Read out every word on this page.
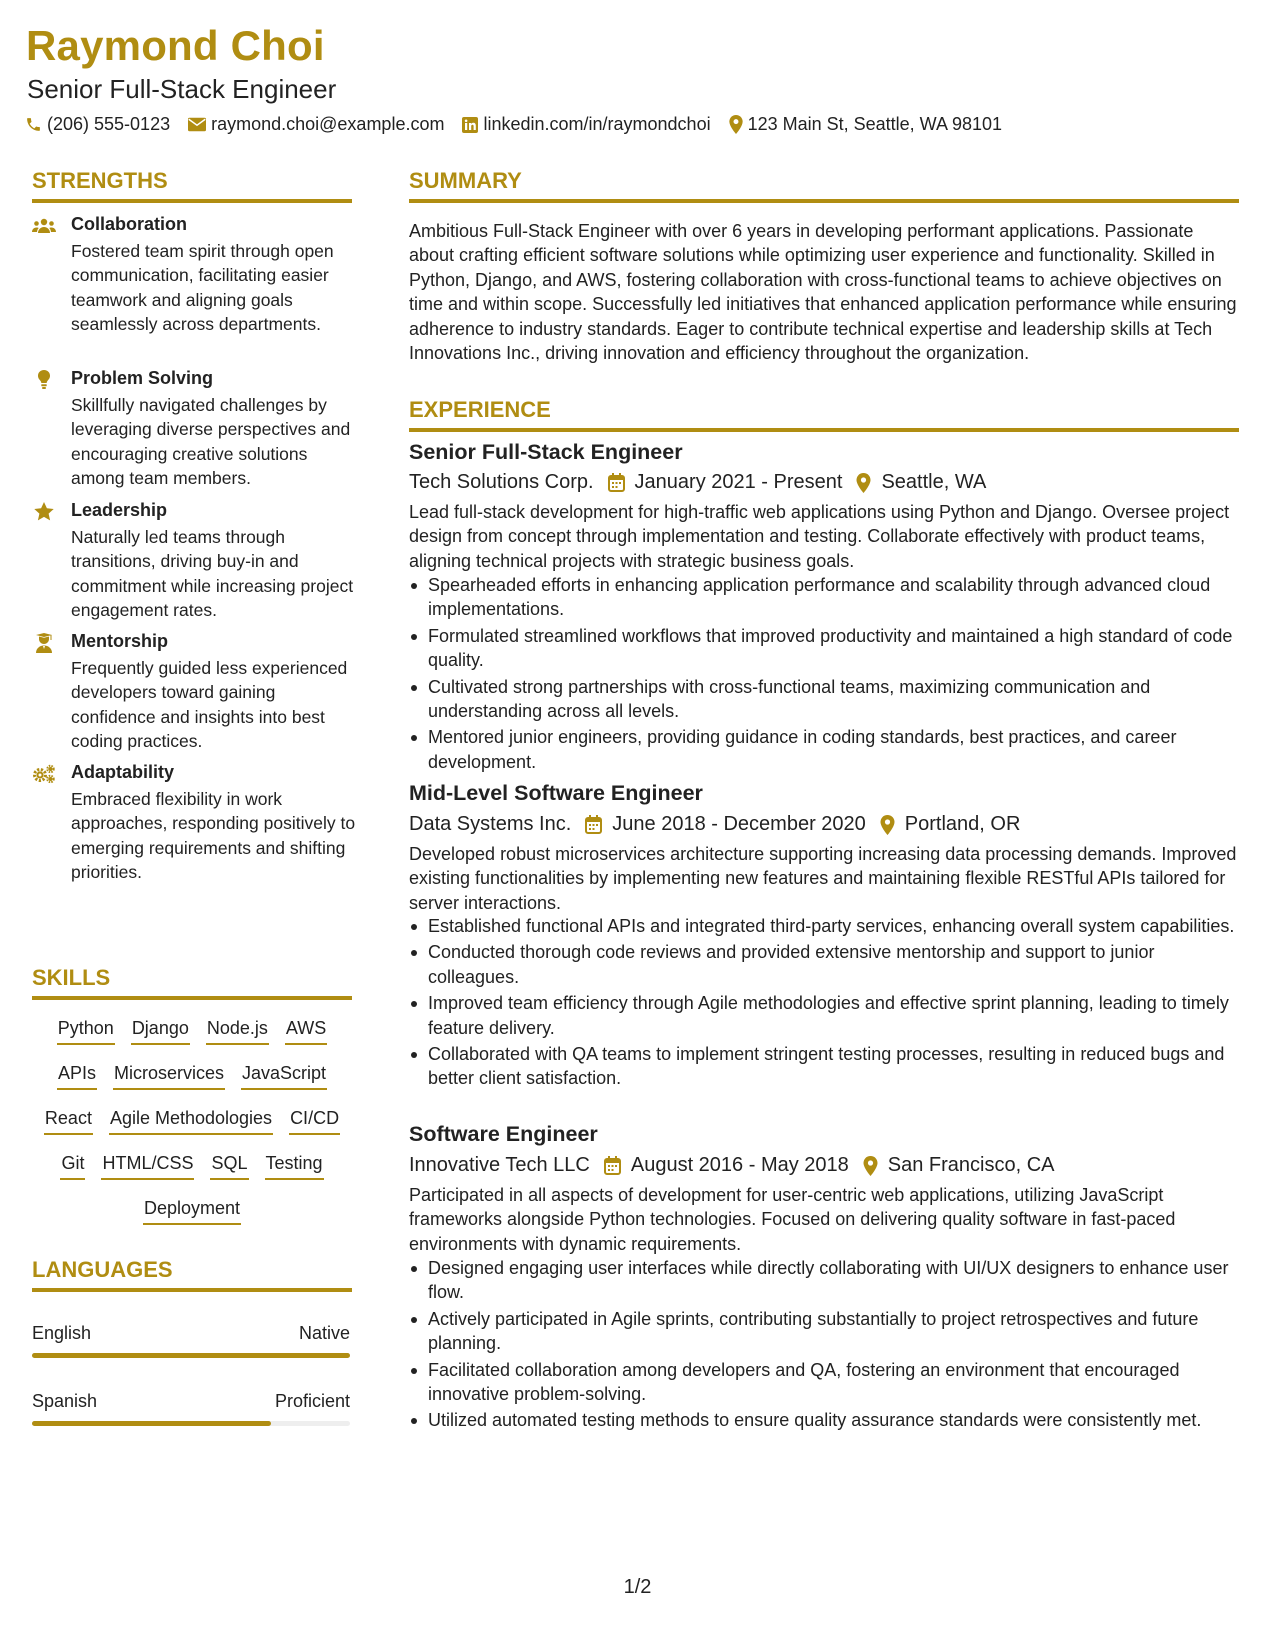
Raymond Choi
Senior Full-Stack Engineer
(206) 555-0123 raymond.choi@example.com linkedin.com/in/raymondchoi 123 Main St, Seattle, WA 98101
STRENGTHS
Collaboration
Fostered team spirit through open communication, facilitating easier teamwork and aligning goals seamlessly across departments.
Problem Solving
Skillfully navigated challenges by leveraging diverse perspectives and encouraging creative solutions among team members.
Leadership
Naturally led teams through transitions, driving buy-in and commitment while increasing project engagement rates.
Mentorship
Frequently guided less experienced developers toward gaining confidence and insights into best coding practices.
Adaptability
Embraced flexibility in work approaches, responding positively to emerging requirements and shifting priorities.
SKILLS
Python Django Node.js AWS
APIs Microservices JavaScript
React Agile Methodologies CI/CD
Git HTML/CSS SQL Testing
Deployment
LANGUAGES
English	Native
Spanish	Proficient
SUMMARY
Ambitious Full-Stack Engineer with over 6 years in developing performant applications. Passionate about crafting efficient software solutions while optimizing user experience and functionality. Skilled in Python, Django, and AWS, fostering collaboration with cross-functional teams to achieve objectives on time and within scope. Successfully led initiatives that enhanced application performance while ensuring adherence to industry standards. Eager to contribute technical expertise and leadership skills at Tech Innovations Inc., driving innovation and efficiency throughout the organization.
EXPERIENCE
Senior Full-Stack Engineer
Tech Solutions Corp. January 2021 - Present Seattle, WA
Lead full-stack development for high-traffic web applications using Python and Django. Oversee project design from concept through implementation and testing. Collaborate effectively with product teams, aligning technical projects with strategic business goals.
Spearheaded efforts in enhancing application performance and scalability through advanced cloud implementations.
Formulated streamlined workflows that improved productivity and maintained a high standard of code quality.
Cultivated strong partnerships with cross-functional teams, maximizing communication and understanding across all levels.
Mentored junior engineers, providing guidance in coding standards, best practices, and career development.
Mid-Level Software Engineer
Data Systems Inc. June 2018 - December 2020 Portland, OR
Developed robust microservices architecture supporting increasing data processing demands. Improved existing functionalities by implementing new features and maintaining flexible RESTful APIs tailored for server interactions.
Established functional APIs and integrated third-party services, enhancing overall system capabilities.
Conducted thorough code reviews and provided extensive mentorship and support to junior colleagues.
Improved team efficiency through Agile methodologies and effective sprint planning, leading to timely feature delivery.
Collaborated with QA teams to implement stringent testing processes, resulting in reduced bugs and better client satisfaction.
Software Engineer
Innovative Tech LLC August 2016 - May 2018 San Francisco, CA
Participated in all aspects of development for user-centric web applications, utilizing JavaScript frameworks alongside Python technologies. Focused on delivering quality software in fast-paced environments with dynamic requirements.
Designed engaging user interfaces while directly collaborating with UI/UX designers to enhance user flow.
Actively participated in Agile sprints, contributing substantially to project retrospectives and future planning.
Facilitated collaboration among developers and QA, fostering an environment that encouraged innovative problem-solving.
Utilized automated testing methods to ensure quality assurance standards were consistently met.
1/2
